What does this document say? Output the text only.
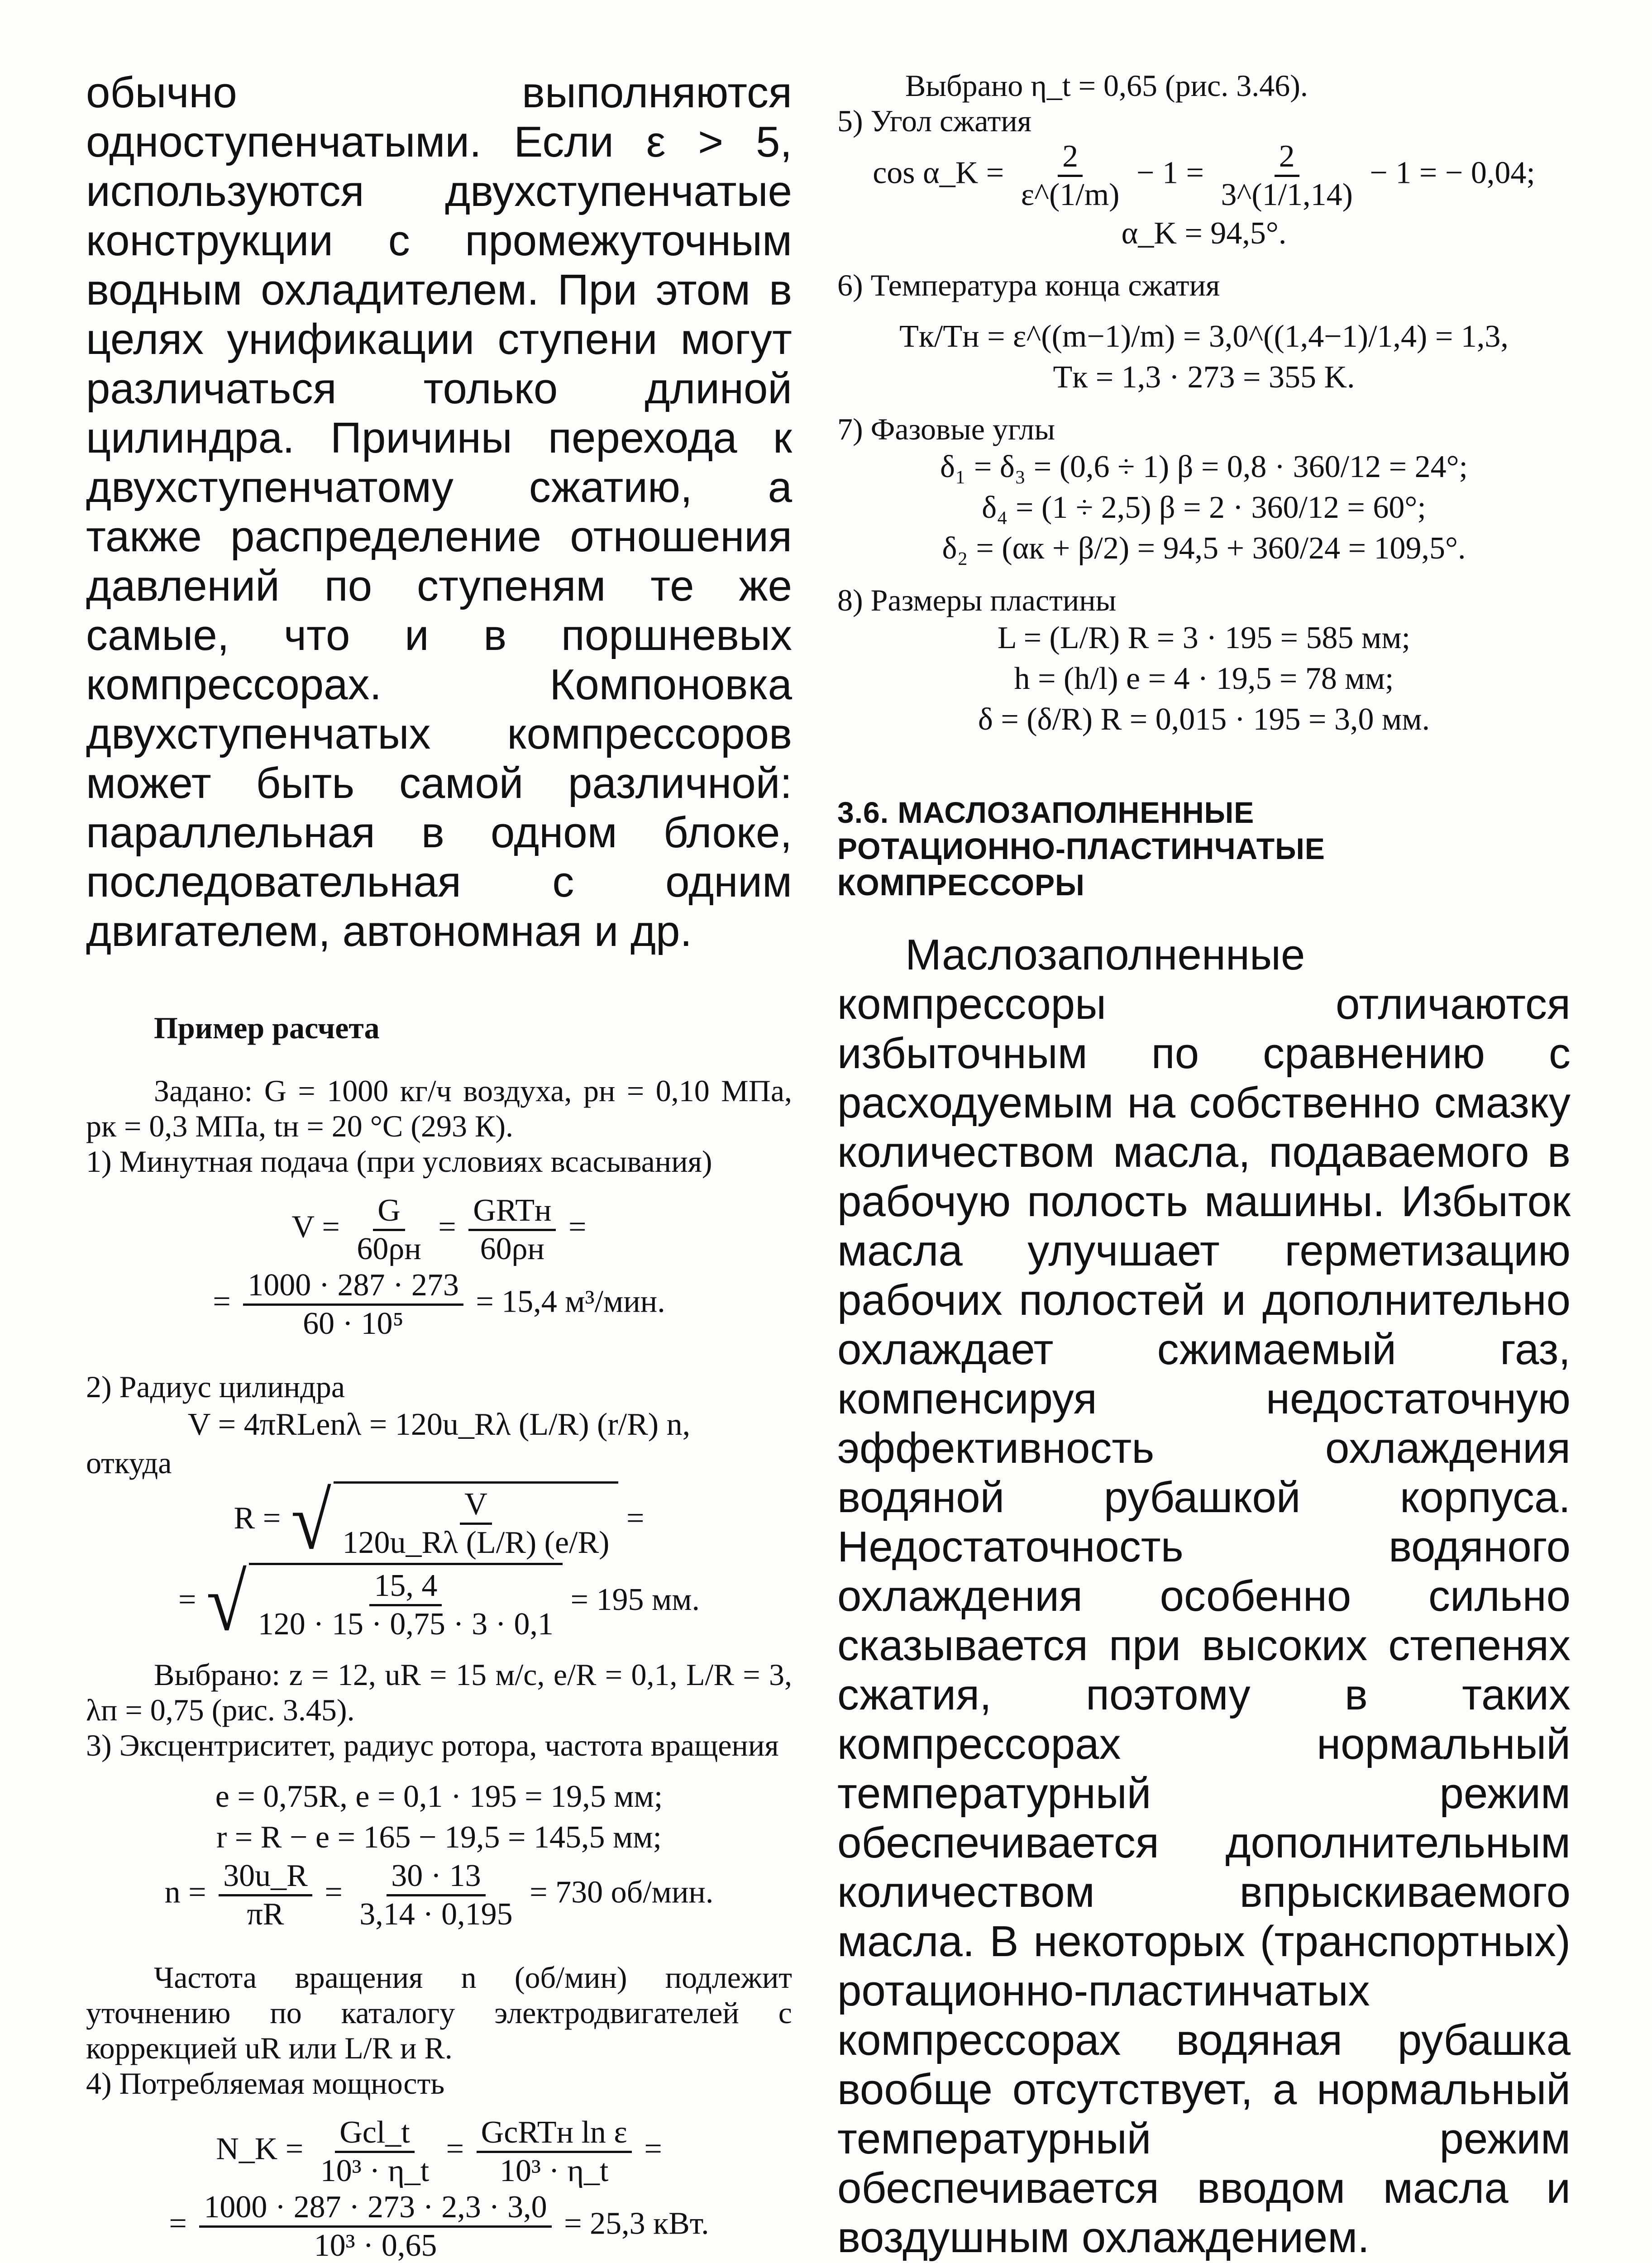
обычно выполняются одноступенчатыми. Если ε > 5, используются двухступенчатые конструкции с промежуточным водным охладителем. При этом в целях унификации ступени могут различаться только длиной цилиндра. Причины перехода к двухступенчатому сжатию, а также распределение отношения давлений по ступеням те же самые, что и в поршневых компрессорах. Компоновка двухступенчатых компрессоров может быть самой различной: параллельная в одном блоке, последовательная с одним двигателем, автономная и др.

Пример расчета

Задано: G = 1000 кг/ч воздуха, pн = 0,10 МПа, pк = 0,3 МПа, tн = 20 °С (293 К).

1) Минутная подача (при условиях всасывания)

$V = \frac{G}{60\rho н} = \frac{\text{GRTн}}{60\rho н}$ =

= $\frac{1000 \cdot 287 \cdot 273}{\text{60 · 10⁵}} = 15,4$ м³/мин.

2) Радиус цилиндра

V = 4πRLenλ = 120u_Rλ (L/R) (r/R) n,

откуда

R = √ $\frac{V}{120u\_R\lambda (L/R) (e/R)}$ =

= √ $\frac{15, 4}{120 \cdot 15 \cdot 0,75 \cdot 3 \cdot 0,1} = 195$ мм.

Выбрано: z = 12, uR = 15 м/с, e/R = 0,1, L/R = 3, λп = 0,75 (рис. 3.45).

3) Эксцентриситет, радиус ротора, частота вращения

e = 0,75R, e = 0,1 · 195 = 19,5 мм;

r = R − e = 165 − 19,5 = 145,5 мм;

$n = \frac{30u\_R}{\pi R} = \frac{30 \cdot 13}{3,14 \cdot 0,195} = 730$ об/мин.

Частота вращения n (об/мин) подлежит уточнению по каталогу электродвигателей с коррекцией uR или L/R и R.

4) Потребляемая мощность

N_K = $\frac{\text{Gcl\_t}}{\text{10³ · η\_t}} = \frac{\text{GcRTн ln ε}}{\text{10³ · η\_t}}$ =

= $\frac{1000 \cdot 287 \cdot 273 \cdot 2,3 \cdot 3,0}{\text{10³ · 0,65}} = 25,3$ кВт.

Выбрано η_t = 0,65 (рис. 3.46).

5) Угол сжатия

cos α_K = $\frac{2}{\varepsilon\^{}(1/m)} - 1 = \frac{2}{3\^{}(1/1,14)} - 1$ = − 0,04;

α_K = 94,5°.

6) Температура конца сжатия

Tк/Tн = ε^((m−1)/m) = 3,0^((1,4−1)/1,4) = 1,3,

Tк = 1,3 · 273 = 355 K.

7) Фазовые углы

δ₁ = δ₃ = (0,6 ÷ 1) β = 0,8 · 360/12 = 24°;

δ₄ = (1 ÷ 2,5) β = 2 · 360/12 = 60°;

δ₂ = (αк + β/2) = 94,5 + 360/24 = 109,5°.

8) Размеры пластины

L = (L/R) R = 3 · 195 = 585 мм;

h = (h/l) e = 4 · 19,5 = 78 мм;

δ = (δ/R) R = 0,015 · 195 = 3,0 мм.

3.6. МАСЛОЗАПОЛНЕННЫЕ

РОТАЦИОННО-ПЛАСТИНЧАТЫЕ

КОМПРЕССОРЫ

Маслозаполненные компрессоры отличаются избыточным по сравнению с расходуемым на собственно смазку количеством масла, подаваемого в рабочую полость машины. Избыток масла улучшает герметизацию рабочих полостей и дополнительно охлаждает сжимаемый газ, компенсируя недостаточную эффективность охлаждения водяной рубашкой корпуса. Недостаточность водяного охлаждения особенно сильно сказывается при высоких степенях сжатия, поэтому в таких компрессорах нормальный температурный режим обеспечивается дополнительным количеством впрыскиваемого масла. В некоторых (транспортных) ротационно-пластинчатых компрессорах водяная рубашка вообще отсутствует, а нормальный температурный режим обеспечивается вводом масла и воздушным охлаждением.
